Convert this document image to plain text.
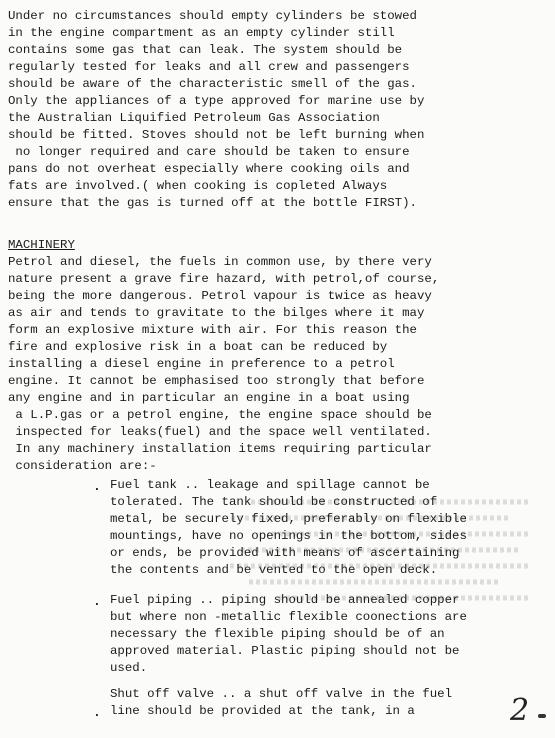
Under no circumstances should empty cylinders be stowed
in the engine compartment as an empty cylinder still
contains some gas that can leak. The system should be
regularly tested for leaks and all crew and passengers
should be aware of the characteristic smell of the gas.
Only the appliances of a type approved for marine use by
the Australian Liquified Petroleum Gas Association
should be fitted. Stoves should not be left burning when
no longer required and care should be taken to ensure
pans do not overheat especially where cooking oils and
fats are involved.( when cooking is copleted Always
ensure that the gas is turned off at the bottle FIRST).
MACHINERY
Petrol and diesel, the fuels in common use, by there very
nature present a grave fire hazard, with petrol,of course,
being the more dangerous. Petrol vapour is twice as heavy
as air and tends to gravitate to the bilges where it may
form an explosive mixture with air. For this reason the
fire and explosive risk in a boat can be reduced by
installing a diesel engine in preference to a petrol
engine. It cannot be emphasised too strongly that before
any engine and in particular an engine in a boat using
a L.P.gas or a petrol engine, the engine space should be
inspected for leaks(fuel) and the space well ventilated.
In any machinery installation items requiring particular
consideration are:-

. Fuel tank .. leakage and spillage cannot be
tolerated. The tank should be constructed of
metal, be securely fixed, preferably on flexible
mountings, have no openings in the bottom, sides
or ends, be provided with means of ascertaining
the contents and be vented to the open deck.
. Fuel piping .. piping should be annealed copper
but where non -metallic flexible coonections are
necessary the flexible piping should be of an
approved material. Plastic piping should not be
used.
.
Shut off valve .. a shut off valve in the fuel
line should be provided at the tank, in a	2
